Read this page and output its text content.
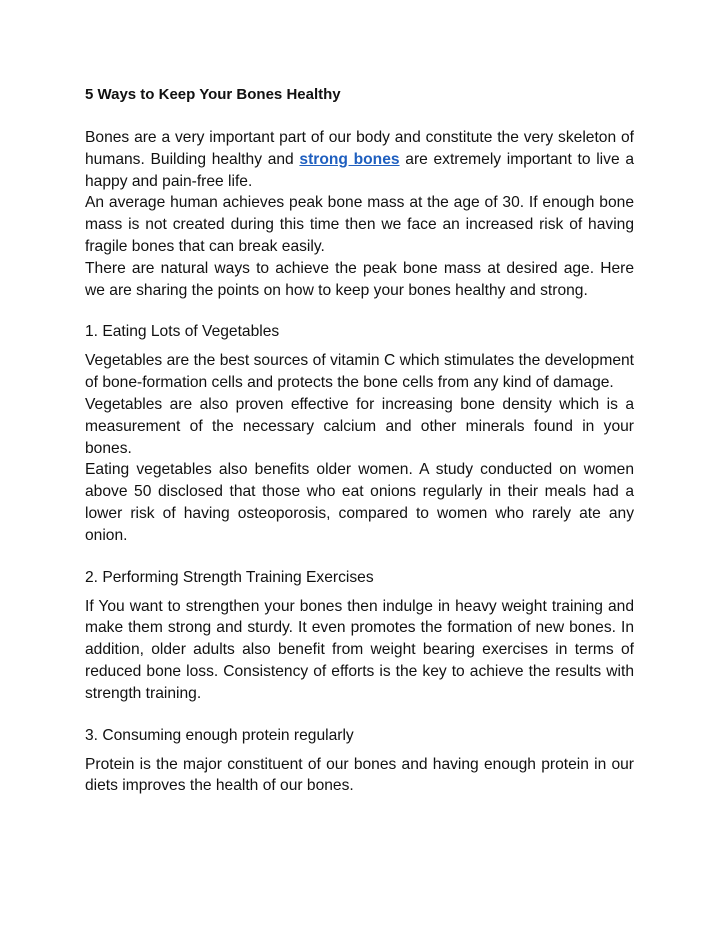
5 Ways to Keep Your Bones Healthy

Bones are a very important part of our body and constitute the very skeleton of humans. Building healthy and strong bones are extremely important to live a happy and pain-free life.

An average human achieves peak bone mass at the age of 30. If enough bone mass is not created during this time then we face an increased risk of having fragile bones that can break easily.

There are natural ways to achieve the peak bone mass at desired age. Here we are sharing the points on how to keep your bones healthy and strong.

1. Eating Lots of Vegetables

Vegetables are the best sources of vitamin C which stimulates the development of bone-formation cells and protects the bone cells from any kind of damage.

Vegetables are also proven effective for increasing bone density which is a measurement of the necessary calcium and other minerals found in your bones.

Eating vegetables also benefits older women. A study conducted on women above 50 disclosed that those who eat onions regularly in their meals had a lower risk of having osteoporosis, compared to women who rarely ate any onion.

2. Performing Strength Training Exercises

If You want to strengthen your bones then indulge in heavy weight training and make them strong and sturdy. It even promotes the formation of new bones. In addition, older adults also benefit from weight bearing exercises in terms of reduced bone loss. Consistency of efforts is the key to achieve the results with strength training.

3. Consuming enough protein regularly

Protein is the major constituent of our bones and having enough protein in our diets improves the health of our bones.
